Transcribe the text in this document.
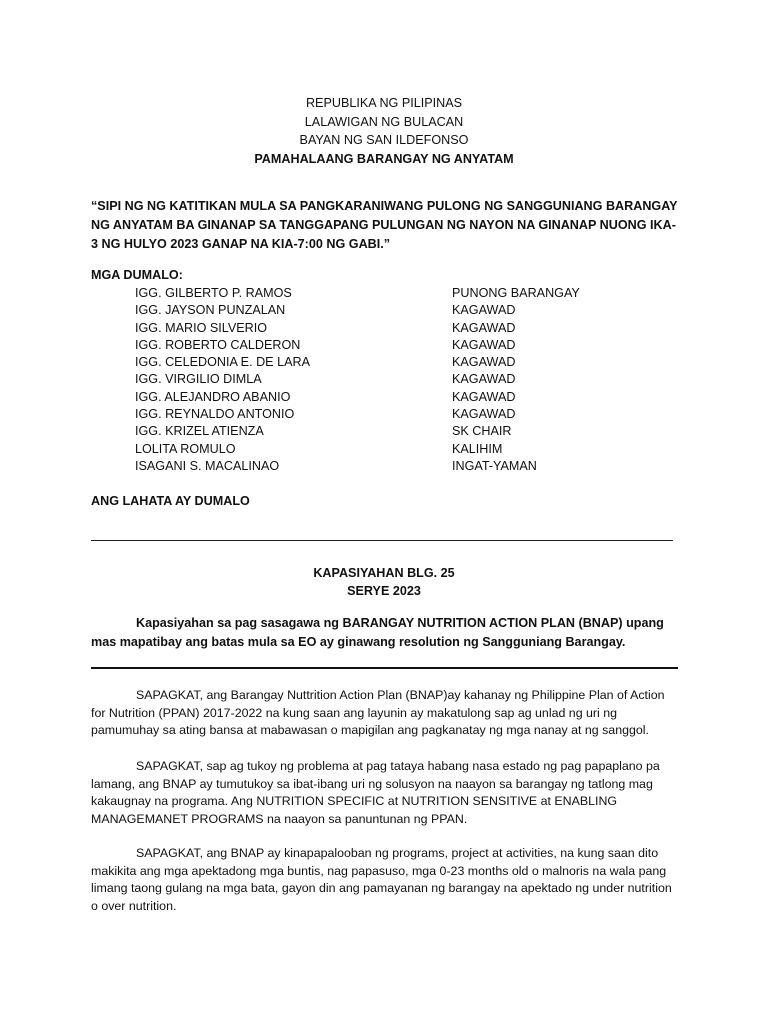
REPUBLIKA NG PILIPINAS
LALAWIGAN NG BULACAN
BAYAN NG SAN ILDEFONSO
PAMAHALAANG BARANGAY NG ANYATAM
“SIPI NG NG KATITIKAN MULA SA PANGKARANIWANG PULONG NG SANGGUNIANG BARANGAY NG ANYATAM BA GINANAP SA TANGGAPANG PULUNGAN NG NAYON NA GINANAP NUONG IKA-3 NG HULYO 2023 GANAP NA KIA-7:00 NG GABI.”
MGA DUMALO:
IGG. GILBERTO P. RAMOS	PUNONG BARANGAY
IGG. JAYSON PUNZALAN	KAGAWAD
IGG. MARIO SILVERIO	KAGAWAD
IGG. ROBERTO CALDERON	KAGAWAD
IGG. CELEDONIA E. DE LARA	KAGAWAD
IGG. VIRGILIO DIMLA	KAGAWAD
IGG. ALEJANDRO ABANIO	KAGAWAD
IGG. REYNALDO ANTONIO	KAGAWAD
IGG. KRIZEL ATIENZA	SK CHAIR
LOLITA ROMULO	KALIHIM
ISAGANI S. MACALINAO	INGAT-YAMAN
ANG LAHATA AY DUMALO
KAPASIYAHAN BLG. 25
SERYE 2023
Kapasiyahan sa pag sasagawa ng BARANGAY NUTRITION ACTION PLAN (BNAP) upang mas mapatibay ang batas mula sa EO ay ginawang resolution ng Sangguniang Barangay.
SAPAGKAT, ang Barangay Nuttrition Action Plan (BNAP)ay kahanay ng Philippine Plan of Action for Nutrition (PPAN) 2017-2022 na kung saan ang layunin ay makatulong sap ag unlad ng uri ng pamumuhay sa ating bansa at mabawasan o mapigilan ang pagkanatay ng mga nanay at ng sanggol.
SAPAGKAT, sap ag tukoy ng problema at pag tataya habang nasa estado ng pag papaplano pa lamang, ang BNAP ay tumutukoy sa ibat-ibang uri ng solusyon na naayon sa barangay ng tatlong mag kakaugnay na programa. Ang NUTRITION SPECIFIC at NUTRITION SENSITIVE at ENABLING MANAGEMANET PROGRAMS na naayon sa panuntunan ng PPAN.
SAPAGKAT, ang BNAP ay kinapapalooban ng programs, project at activities, na kung saan dito makikita ang mga apektadong mga buntis, nag papasuso, mga 0-23 months old o malnoris na wala pang limang taong gulang na mga bata, gayon din ang pamayanan ng barangay na apektado ng under nutrition o over nutrition.
